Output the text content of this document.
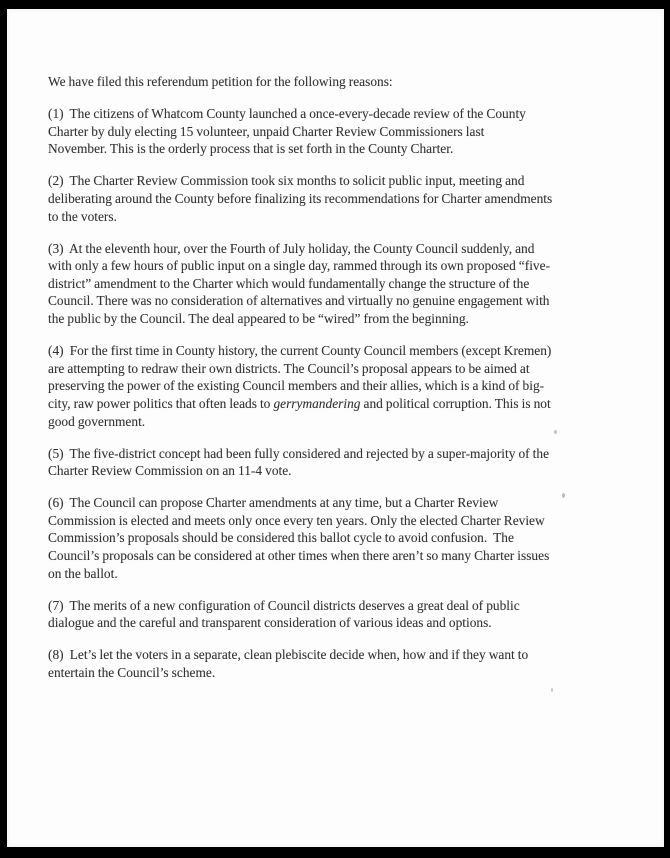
We have filed this referendum petition for the following reasons:

(1)  The citizens of Whatcom County launched a once-every-decade review of the County
Charter by duly electing 15 volunteer, unpaid Charter Review Commissioners last
November. This is the orderly process that is set forth in the County Charter.

(2)  The Charter Review Commission took six months to solicit public input, meeting and
deliberating around the County before finalizing its recommendations for Charter amendments
to the voters.

(3)  At the eleventh hour, over the Fourth of July holiday, the County Council suddenly, and
with only a few hours of public input on a single day, rammed through its own proposed “five-
district” amendment to the Charter which would fundamentally change the structure of the
Council. There was no consideration of alternatives and virtually no genuine engagement with
the public by the Council. The deal appeared to be “wired” from the beginning.

(4)  For the first time in County history, the current County Council members (except Kremen)
are attempting to redraw their own districts. The Council’s proposal appears to be aimed at
preserving the power of the existing Council members and their allies, which is a kind of big-
city, raw power politics that often leads to gerrymandering and political corruption. This is not
good government.

(5)  The five-district concept had been fully considered and rejected by a super-majority of the
Charter Review Commission on an 11-4 vote.

(6)  The Council can propose Charter amendments at any time, but a Charter Review
Commission is elected and meets only once every ten years. Only the elected Charter Review
Commission’s proposals should be considered this ballot cycle to avoid confusion.  The
Council’s proposals can be considered at other times when there aren’t so many Charter issues
on the ballot.

(7)  The merits of a new configuration of Council districts deserves a great deal of public
dialogue and the careful and transparent consideration of various ideas and options.

(8)  Let’s let the voters in a separate, clean plebiscite decide when, how and if they want to
entertain the Council’s scheme.
